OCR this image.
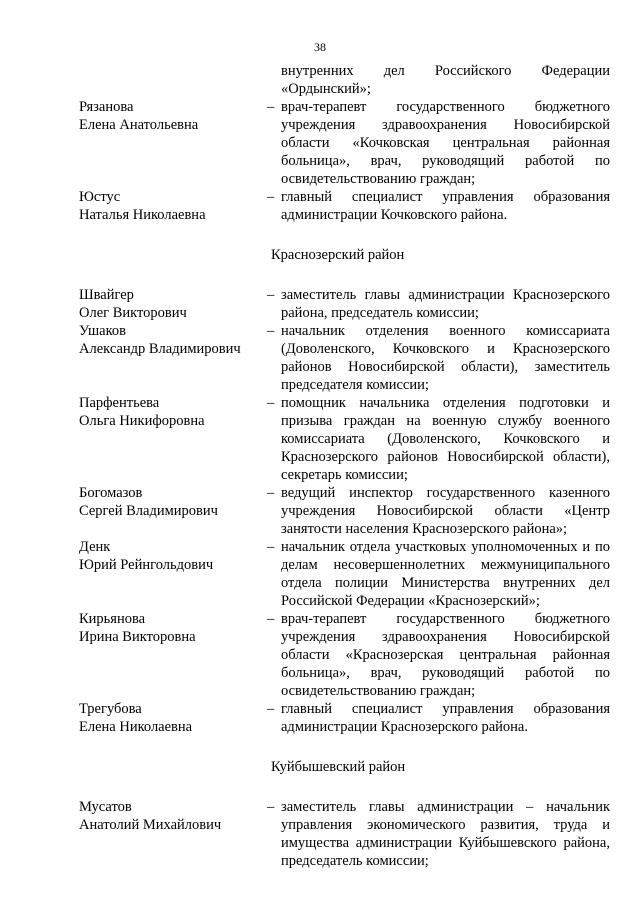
38
внутренних дел Российского Федерации «Ордынский»;
Рязанова
Елена Анатольевна
– врач-терапевт государственного бюджетного учреждения здравоохранения Новосибирской области «Кочковская центральная районная больница», врач, руководящий работой по освидетельствованию граждан;
Юстус
Наталья Николаевна
– главный специалист управления образования администрации Кочковского района.
Краснозерский район
Швайгер
Олег Викторович
– заместитель главы администрации Краснозерского района, председатель комиссии;
Ушаков
Александр Владимирович
– начальник отделения военного комиссариата (Доволенского, Кочковского и Краснозерского районов Новосибирской области), заместитель председателя комиссии;
Парфентьева
Ольга Никифоровна
– помощник начальника отделения подготовки и призыва граждан на военную службу военного комиссариата (Доволенского, Кочковского и Краснозерского районов Новосибирской области), секретарь комиссии;
Богомазов
Сергей Владимирович
– ведущий инспектор государственного казенного учреждения Новосибирской области «Центр занятости населения Краснозерского района»;
Денк
Юрий Рейнгольдович
– начальник отдела участковых уполномоченных и по делам несовершеннолетних межмуниципального отдела полиции Министерства внутренних дел Российской Федерации «Краснозерский»;
Кирьянова
Ирина Викторовна
– врач-терапевт государственного бюджетного учреждения здравоохранения Новосибирской области «Краснозерская центральная районная больница», врач, руководящий работой по освидетельствованию граждан;
Трегубова
Елена Николаевна
– главный специалист управления образования администрации Краснозерского района.
Куйбышевский район
Мусатов
Анатолий Михайлович
– заместитель главы администрации – начальник управления экономического развития, труда и имущества администрации Куйбышевского района, председатель комиссии;
